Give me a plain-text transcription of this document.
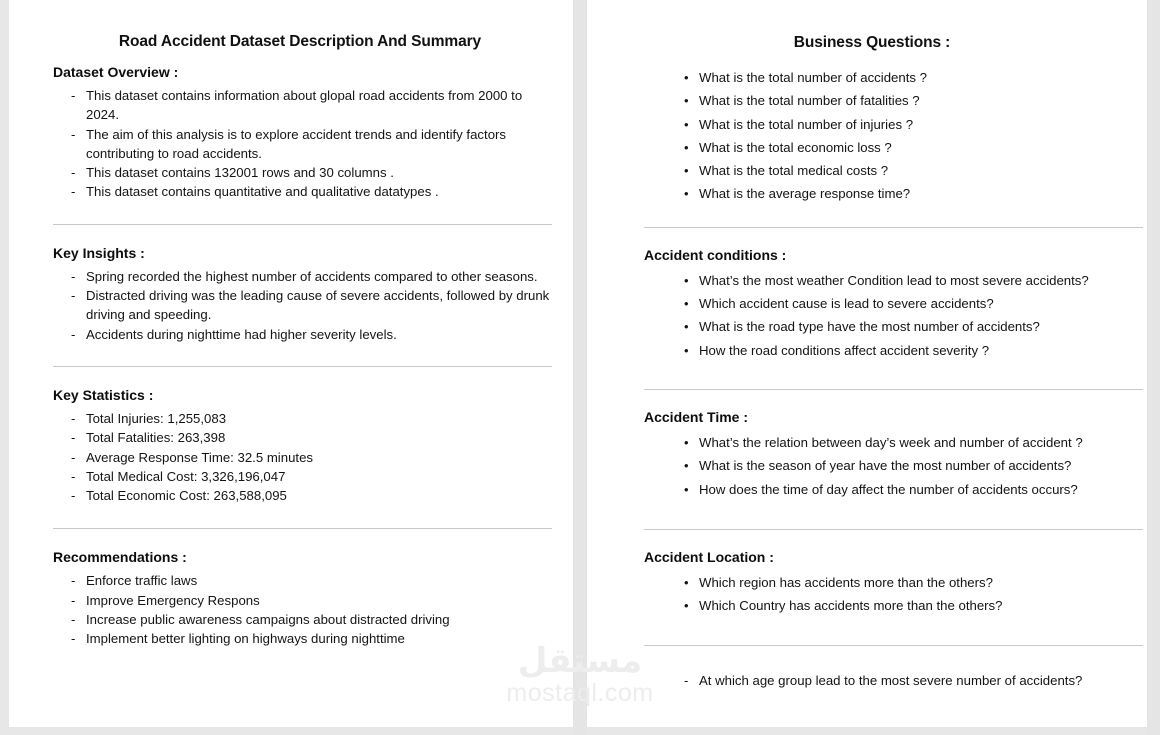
Road Accident Dataset Description And Summary
Dataset Overview :
- This dataset contains information about glopal road accidents from 2000 to 2024.
- The aim of this analysis is to explore accident trends and identify factors contributing to road accidents.
- This dataset contains 132001 rows and 30 columns .
- This dataset contains quantitative and qualitative datatypes .
Key Insights :
- Spring recorded the highest number of accidents compared to other seasons.
- Distracted driving was the leading cause of severe accidents, followed by drunk driving and speeding.
- Accidents during nighttime had higher severity levels.
Key Statistics :
- Total Injuries: 1,255,083
- Total Fatalities: 263,398
- Average Response Time: 32.5 minutes
- Total Medical Cost: 3,326,196,047
- Total Economic Cost: 263,588,095
Recommendations :
- Enforce traffic laws
- Improve Emergency Respons
- Increase public awareness campaigns about distracted driving
- Implement better lighting on highways during nighttime
Business Questions :
• What is the total number of accidents ?
• What is the total number of fatalities ?
• What is the total number of injuries ?
• What is the total economic loss ?
• What is the total medical costs ?
• What is the average response time?
Accident conditions :
• What’s the most weather Condition lead to most severe accidents?
• Which accident cause is lead to severe accidents?
• What is the road type have the most number of accidents?
• How the road conditions affect accident severity ?
Accident Time :
• What’s the relation between day’s week and number of accident ?
• What is the season of year have the most number of accidents?
• How does the time of day affect the number of accidents occurs?
Accident Location :
• Which region has accidents more than the others?
• Which Country has accidents more than the others?
- At which age group lead to the most severe number of accidents?
مستقل
mostaql.com
